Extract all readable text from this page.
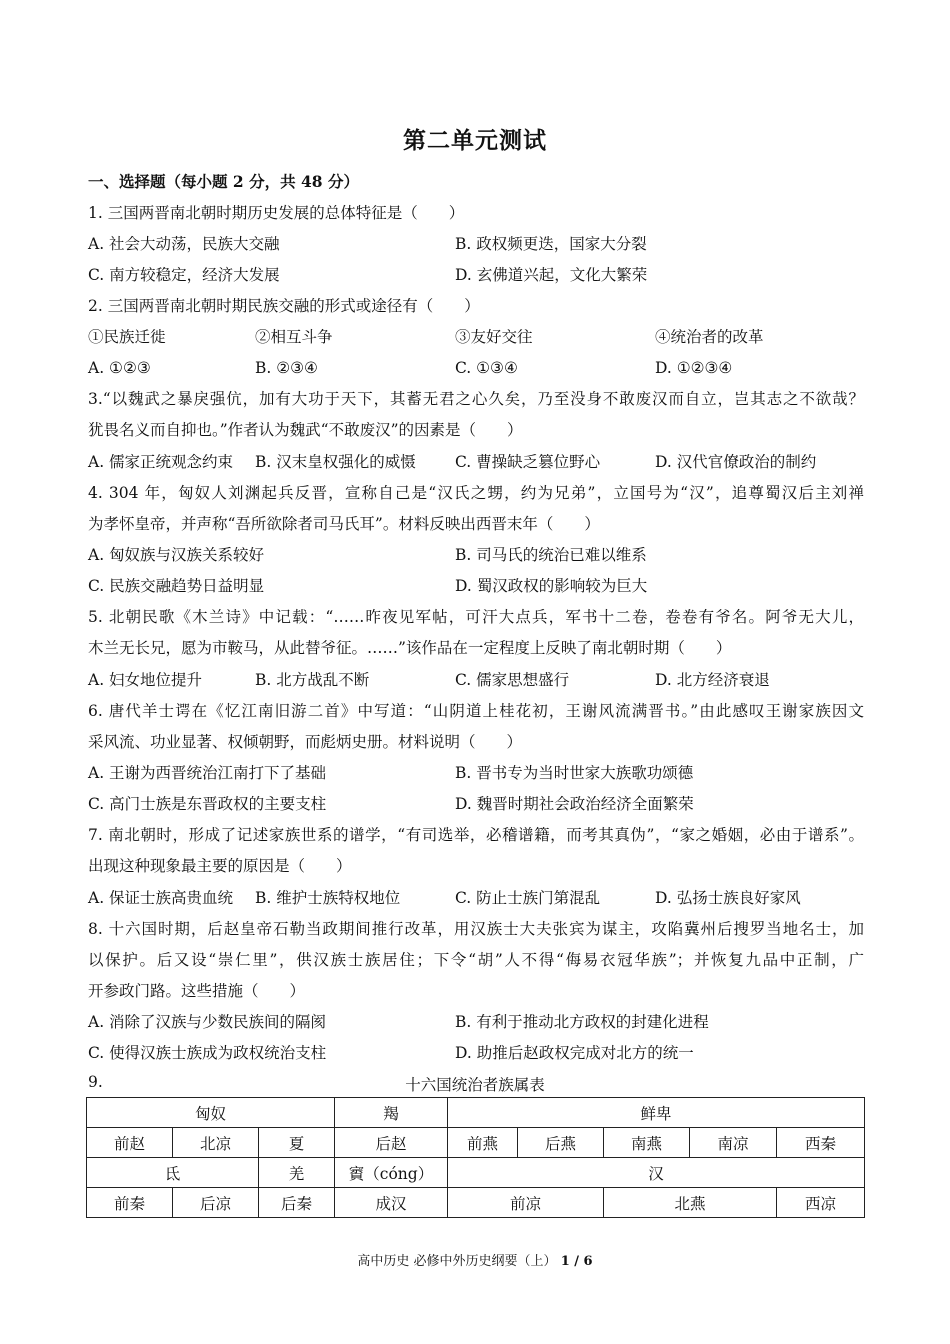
第二单元测试
一、选择题（每小题 2 分，共 48 分）
1. 三国两晋南北朝时期历史发展的总体特征是（　　）
A. 社会大动荡，民族大交融	B. 政权频更迭，国家大分裂
C. 南方较稳定，经济大发展	D. 玄佛道兴起，文化大繁荣
2. 三国两晋南北朝时期民族交融的形式或途径有（　　）
①民族迁徙	②相互斗争	③友好交往	④统治者的改革
A. ①②③	B. ②③④	C. ①③④	D. ①②③④
3.“以魏武之暴戾强伉，加有大功于天下，其蓄无君之心久矣，乃至没身不敢废汉而自立，岂其志之不欲哉？
犹畏名义而自抑也。”作者认为魏武“不敢废汉”的因素是（　　）
A. 儒家正统观念约束 B. 汉末皇权强化的威慑	C. 曹操缺乏篡位野心	D. 汉代官僚政治的制约
4. 304 年，匈奴人刘渊起兵反晋，宣称自己是“汉氏之甥，约为兄弟”，立国号为“汉”，追尊蜀汉后主刘禅
为孝怀皇帝，并声称“吾所欲除者司马氏耳”。材料反映出西晋末年（　　）
A. 匈奴族与汉族关系较好	B. 司马氏的统治已难以维系
C. 民族交融趋势日益明显	D. 蜀汉政权的影响较为巨大
5. 北朝民歌《木兰诗》中记载：“……昨夜见军帖，可汗大点兵，军书十二卷，卷卷有爷名。阿爷无大儿，
木兰无长兄，愿为市鞍马，从此替爷征。……”该作品在一定程度上反映了南北朝时期（　　）
A. 妇女地位提升	B. 北方战乱不断	C. 儒家思想盛行	D. 北方经济衰退
6. 唐代羊士谔在《忆江南旧游二首》中写道：“山阴道上桂花初，王谢风流满晋书。”由此感叹王谢家族因文
采风流、功业显著、权倾朝野，而彪炳史册。材料说明（　　）
A. 王谢为西晋统治江南打下了基础	B. 晋书专为当时世家大族歌功颂德
C. 高门士族是东晋政权的主要支柱	D. 魏晋时期社会政治经济全面繁荣
7. 南北朝时，形成了记述家族世系的谱学，“有司选举，必稽谱籍，而考其真伪”，“家之婚姻，必由于谱系”。
出现这种现象最主要的原因是（　　）
A. 保证士族高贵血统 B. 维护士族特权地位	C. 防止士族门第混乱	D. 弘扬士族良好家风
8. 十六国时期，后赵皇帝石勒当政期间推行改革，用汉族士大夫张宾为谋主，攻陷冀州后搜罗当地名士，加
以保护。后又设“崇仁里”，供汉族士族居住；下令“胡”人不得“侮易衣冠华族”；并恢复九品中正制，广
开参政门路。这些措施（　　）
A. 消除了汉族与少数民族间的隔阂	B. 有利于推动北方政权的封建化进程
C. 使得汉族士族成为政权统治支柱	D. 助推后赵政权完成对北方的统一
9.	十六国统治者族属表
匈奴			羯	鲜卑				
前赵	北凉	夏	后赵	前燕	后燕	南燕	南凉	西秦
氐		羌	賨（cóng）	汉				
前秦	后凉	后秦	成汉	前凉		北燕		西凉
高中历史 必修中外历史纲要（上） 1 / 6
